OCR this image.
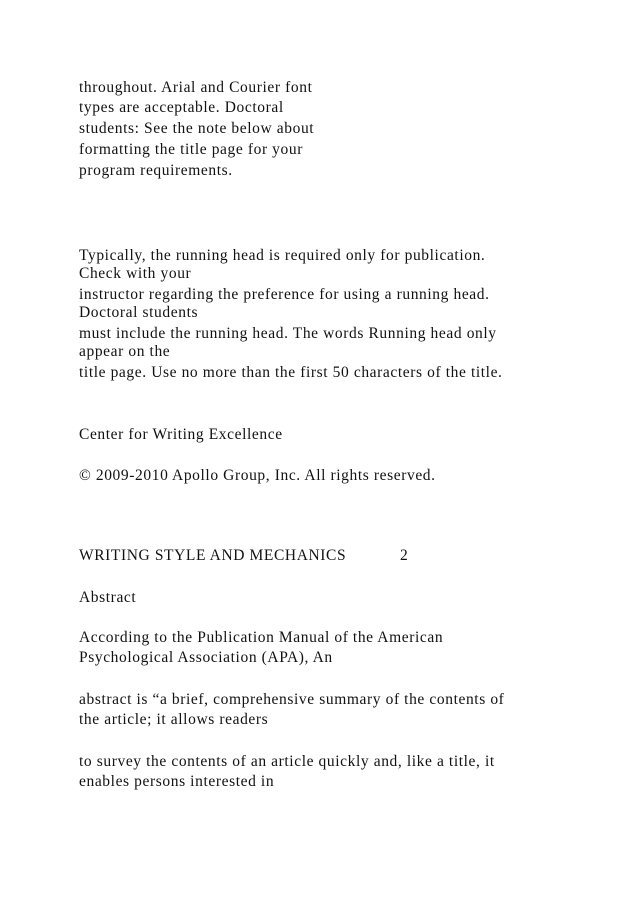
throughout. Arial and Courier font
types are acceptable. Doctoral
students: See the note below about
formatting the title page for your
program requirements.
Typically, the running head is required only for publication.
Check with your
instructor regarding the preference for using a running head.
Doctoral students
must include the running head. The words Running head only
appear on the
title page. Use no more than the first 50 characters of the title.
Center for Writing Excellence
© 2009-2010 Apollo Group, Inc. All rights reserved.
WRITING STYLE AND MECHANICS	2
Abstract
According to the Publication Manual of the American
Psychological Association (APA), An
abstract is “a brief, comprehensive summary of the contents of
the article; it allows readers
to survey the contents of an article quickly and, like a title, it
enables persons interested in
